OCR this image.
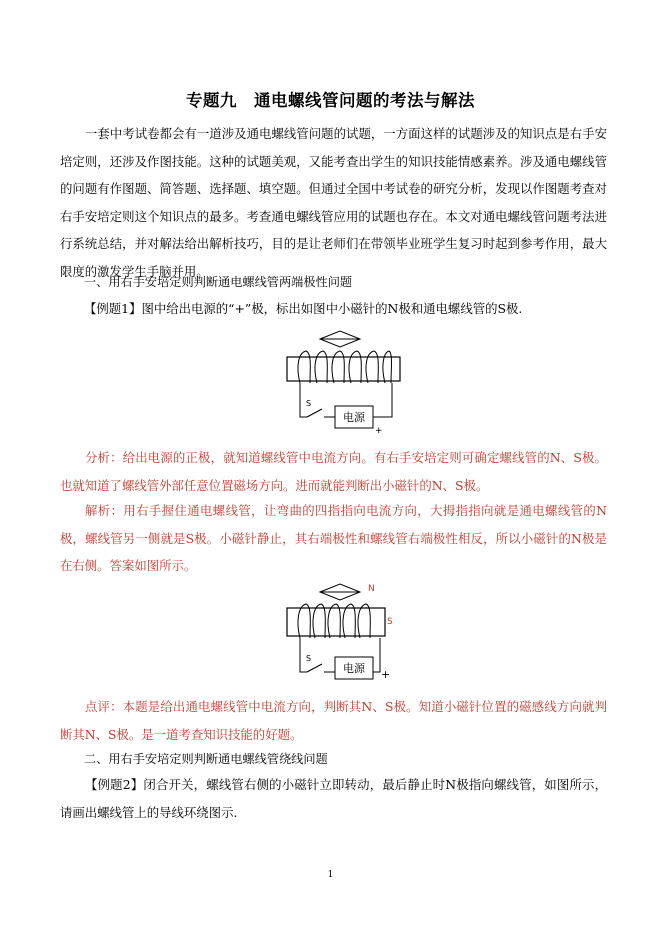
专题九　通电螺线管问题的考法与解法

一套中考试卷都会有一道涉及通电螺线管问题的试题，一方面这样的试题涉及的知识点是右手安培定则，还涉及作图技能。这种的试题美观，又能考查出学生的知识技能情感素养。涉及通电螺线管的问题有作图题、简答题、选择题、填空题。但通过全国中考试卷的研究分析，发现以作图题考查对右手安培定则这个知识点的最多。考查通电螺线管应用的试题也存在。本文对通电螺线管问题考法进行系统总结，并对解法给出解析技巧，目的是让老师们在带领毕业班学生复习时起到参考作用，最大限度的激发学生手脑并用。

一、用右手安培定则判断通电螺线管两端极性问题

【例题1】图中给出电源的“+”极，标出如图中小磁针的N极和通电螺线管的S极.

S
电源
+

分析：给出电源的正极，就知道螺线管中电流方向。有右手安培定则可确定螺线管的N、S极。也就知道了螺线管外部任意位置磁场方向。进而就能判断出小磁针的N、S极。

解析：用右手握住通电螺线管，让弯曲的四指指向电流方向，大拇指指向就是通电螺线管的N极，螺线管另一侧就是S极。小磁针静止，其右端极性和螺线管右端极性相反，所以小磁针的N极是在右侧。答案如图所示。

N
S
S
电源 +

点评：本题是给出通电螺线管中电流方向，判断其N、S极。知道小磁针位置的磁感线方向就判断其N、S极。是一道考查知识技能的好题。

二、用右手安培定则判断通电螺线管绕线问题

【例题2】闭合开关，螺线管右侧的小磁针立即转动，最后静止时N极指向螺线管，如图所示，请画出螺线管上的导线环绕图示.

1
